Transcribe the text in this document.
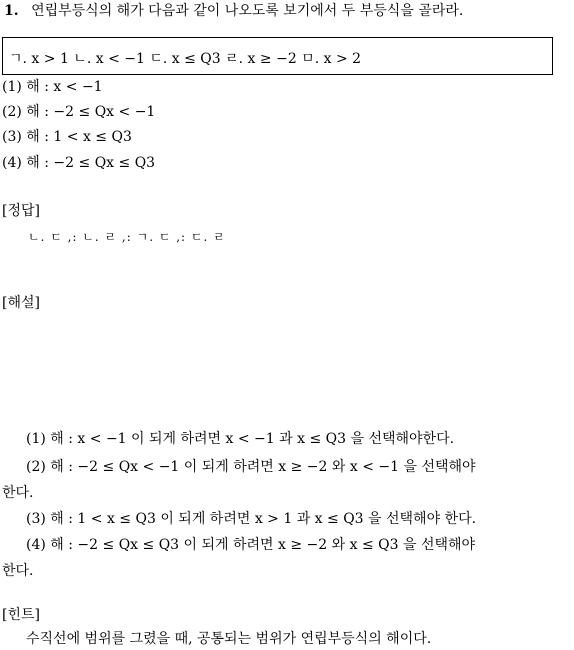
1. 연립부등식의 해가 다음과 같이 나오도록 보기에서 두 부등식을 골라라.
ㄱ. x > 1 ㄴ. x < −1 ㄷ. x ≤ Q3 ㄹ. x ≥ −2 ㅁ. x > 2
(1) 해 : x < −1
(2) 해 : −2 ≤ Qx < −1
(3) 해 : 1 < x ≤ Q3
(4) 해 : −2 ≤ Qx ≤ Q3
[정답]
ㄴ. ㄷ ,: ㄴ. ㄹ ,: ㄱ. ㄷ ,: ㄷ. ㄹ
[해설]
(1) 해 : x < −1 이 되게 하려면 x < −1 과 x ≤ Q3 을 선택해야한다.
(2) 해 : −2 ≤ Qx < −1 이 되게 하려면 x ≥ −2 와 x < −1 을 선택해야
한다.
(3) 해 : 1 < x ≤ Q3 이 되게 하려면 x > 1 과 x ≤ Q3 을 선택해야 한다.
(4) 해 : −2 ≤ Qx ≤ Q3 이 되게 하려면 x ≥ −2 와 x ≤ Q3 을 선택해야
한다.
[힌트]
수직선에 범위를 그렸을 때, 공통되는 범위가 연립부등식의 해이다.
